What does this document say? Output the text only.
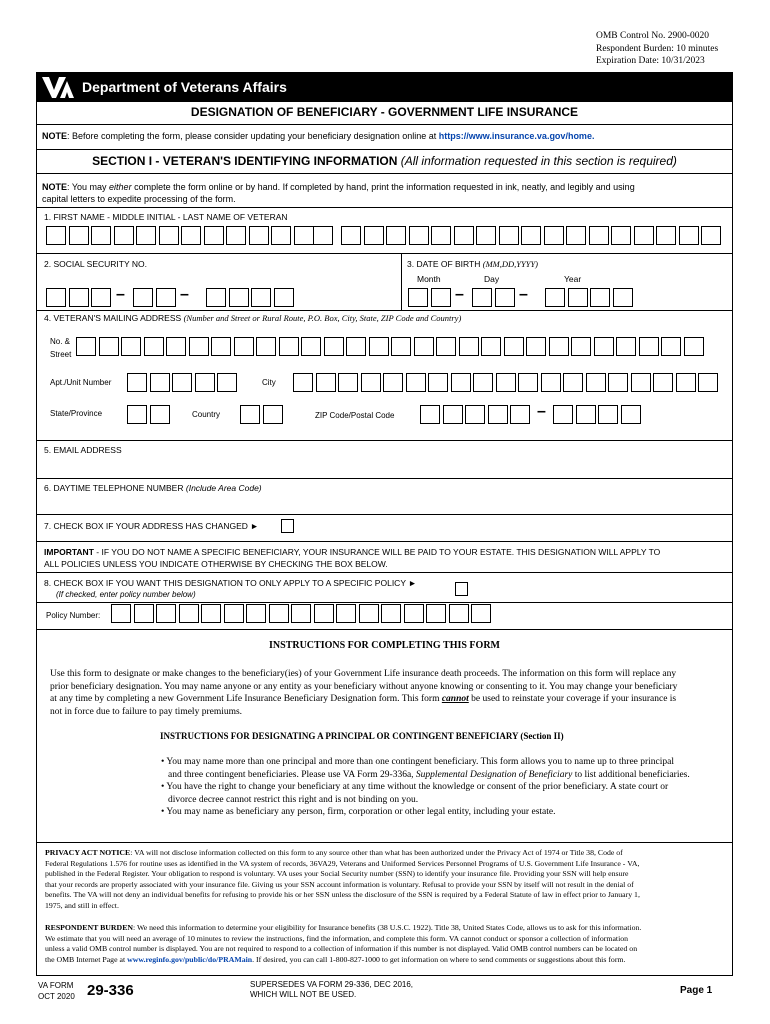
OMB Control No. 2900-0020
Respondent Burden: 10 minutes
Expiration Date: 10/31/2023
Department of Veterans Affairs
DESIGNATION OF BENEFICIARY - GOVERNMENT LIFE INSURANCE
NOTE: Before completing the form, please consider updating your beneficiary designation online at https://www.insurance.va.gov/home.
SECTION I - VETERAN'S IDENTIFYING INFORMATION (All information requested in this section is required)
NOTE: You may either complete the form online or by hand. If completed by hand, print the information requested in ink, neatly, and legibly and using
capital letters to expedite processing of the form.
1. FIRST NAME - MIDDLE INITIAL - LAST NAME OF VETERAN
2. SOCIAL SECURITY NO.	3. DATE OF BIRTH (MM,DD,YYYY)
Month	Day	Year
–	–	–	–
4. VETERAN'S MAILING ADDRESS (Number and Street or Rural Route, P.O. Box, City, State, ZIP Code and Country)
No. &
Street
Apt./Unit Number	City
State/Province	Country	ZIP Code/Postal Code	–
5. EMAIL ADDRESS
6. DAYTIME TELEPHONE NUMBER (Include Area Code)
7. CHECK BOX IF YOUR ADDRESS HAS CHANGED ►
IMPORTANT - IF YOU DO NOT NAME A SPECIFIC BENEFICIARY, YOUR INSURANCE WILL BE PAID TO YOUR ESTATE. THIS DESIGNATION WILL APPLY TO
ALL POLICIES UNLESS YOU INDICATE OTHERWISE BY CHECKING THE BOX BELOW.
8. CHECK BOX IF YOU WANT THIS DESIGNATION TO ONLY APPLY TO A SPECIFIC POLICY ►
(If checked, enter policy number below)
Policy Number:
INSTRUCTIONS FOR COMPLETING THIS FORM
Use this form to designate or make changes to the beneficiary(ies) of your Government Life insurance death proceeds. The information on this form will replace any
prior beneficiary designation. You may name anyone or any entity as your beneficiary without anyone knowing or consenting to it. You may change your beneficiary
at any time by completing a new Government Life Insurance Beneficiary Designation form. This form cannot be used to reinstate your coverage if your insurance is
not in force due to failure to pay timely premiums.
INSTRUCTIONS FOR DESIGNATING A PRINCIPAL OR CONTINGENT BENEFICIARY (Section II)
• You may name more than one principal and more than one contingent beneficiary. This form allows you to name up to three principal
and three contingent beneficiaries. Please use VA Form 29-336a, Supplemental Designation of Beneficiary to list additional beneficiaries.
• You have the right to change your beneficiary at any time without the knowledge or consent of the prior beneficiary. A state court or
divorce decree cannot restrict this right and is not binding on you.
• You may name as beneficiary any person, firm, corporation or other legal entity, including your estate.
PRIVACY ACT NOTICE: VA will not disclose information collected on this form to any source other than what has been authorized under the Privacy Act of 1974 or Title 38, Code of
Federal Regulations 1.576 for routine uses as identified in the VA system of records, 36VA29, Veterans and Uniformed Services Personnel Programs of U.S. Government Life Insurance - VA,
published in the Federal Register. Your obligation to respond is voluntary. VA uses your Social Security number (SSN) to identify your insurance file. Providing your SSN will help ensure
that your records are properly associated with your insurance file. Giving us your SSN account information is voluntary. Refusal to provide your SSN by itself will not result in the denial of
benefits. The VA will not deny an individual benefits for refusing to provide his or her SSN unless the disclosure of the SSN is required by a Federal Statute of law in effect prior to January 1,
1975, and still in effect.
RESPONDENT BURDEN: We need this information to determine your eligibility for Insurance benefits (38 U.S.C. 1922). Title 38, United States Code, allows us to ask for this information.
We estimate that you will need an average of 10 minutes to review the instructions, find the information, and complete this form. VA cannot conduct or sponsor a collection of information
unless a valid OMB control number is displayed. You are not required to respond to a collection of information if this number is not displayed. Valid OMB control numbers can be located on
the OMB Internet Page at www.reginfo.gov/public/do/PRAMain. If desired, you can call 1-800-827-1000 to get information on where to send comments or suggestions about this form.
VA FORM
OCT 2020 29-336	SUPERSEDES VA FORM 29-336, DEC 2016,
WHICH WILL NOT BE USED.	Page 1
